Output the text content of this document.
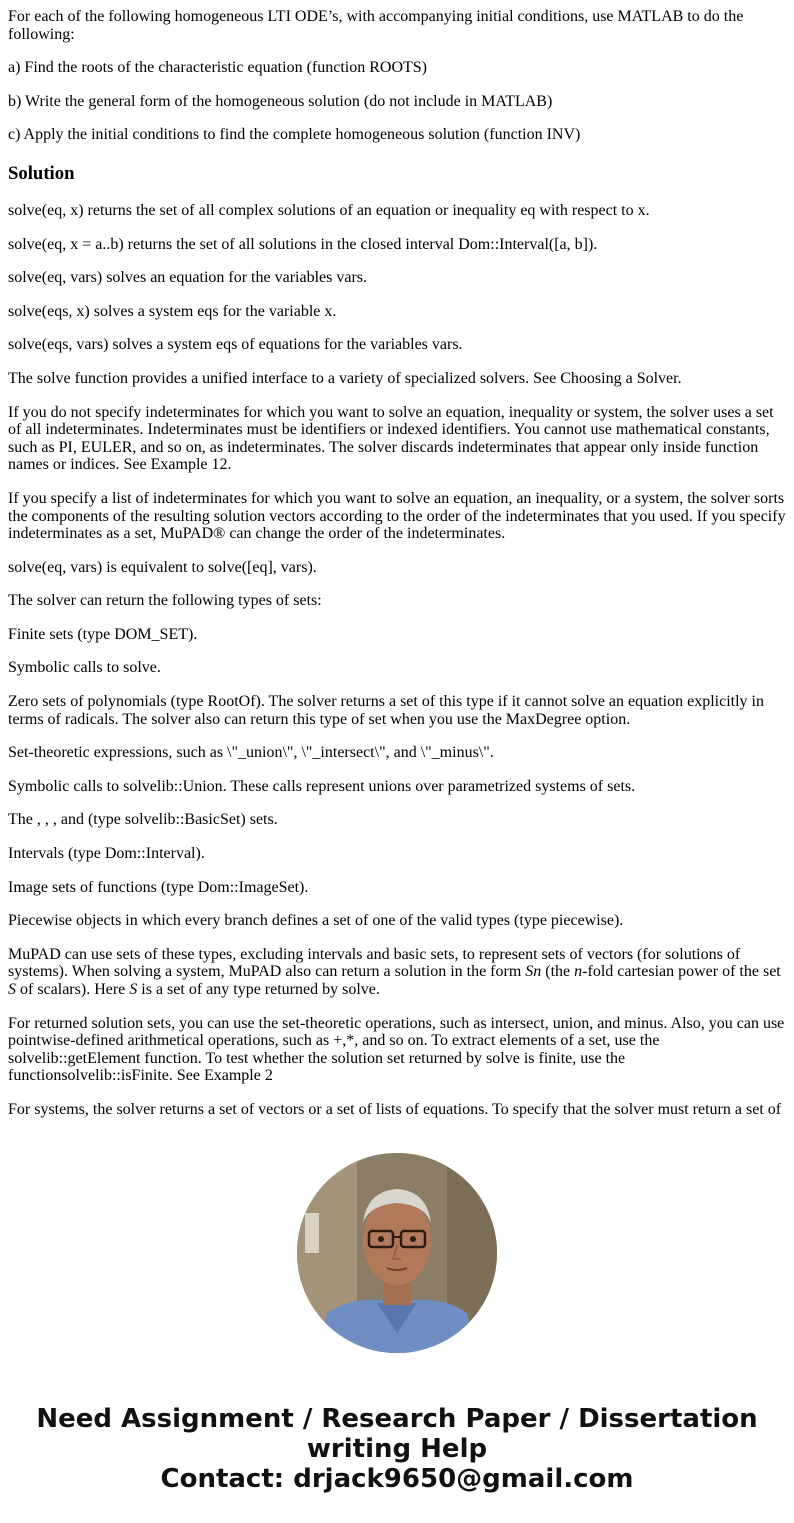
For each of the following homogeneous LTI ODE’s, with accompanying initial conditions, use MATLAB to do the following:

a) Find the roots of the characteristic equation (function ROOTS)

b) Write the general form of the homogeneous solution (do not include in MATLAB)

c) Apply the initial conditions to find the complete homogeneous solution (function INV)

Solution

solve(eq, x) returns the set of all complex solutions of an equation or inequality eq with respect to x.

solve(eq, x = a..b) returns the set of all solutions in the closed interval Dom::Interval([a, b]).

solve(eq, vars) solves an equation for the variables vars.

solve(eqs, x) solves a system eqs for the variable x.

solve(eqs, vars) solves a system eqs of equations for the variables vars.

The solve function provides a unified interface to a variety of specialized solvers. See Choosing a Solver.

If you do not specify indeterminates for which you want to solve an equation, inequality or system, the solver uses a set of all indeterminates. Indeterminates must be identifiers or indexed identifiers. You cannot use mathematical constants, such as PI, EULER, and so on, as indeterminates. The solver discards indeterminates that appear only inside function names or indices. See Example 12.

If you specify a list of indeterminates for which you want to solve an equation, an inequality, or a system, the solver sorts the components of the resulting solution vectors according to the order of the indeterminates that you used. If you specify indeterminates as a set, MuPAD® can change the order of the indeterminates.

solve(eq, vars) is equivalent to solve([eq], vars).

The solver can return the following types of sets:

Finite sets (type DOM_SET).

Symbolic calls to solve.

Zero sets of polynomials (type RootOf). The solver returns a set of this type if it cannot solve an equation explicitly in terms of radicals. The solver also can return this type of set when you use the MaxDegree option.

Set-theoretic expressions, such as \"_union\", \"_intersect\", and \"_minus\".

Symbolic calls to solvelib::Union. These calls represent unions over parametrized systems of sets.

The , , , and (type solvelib::BasicSet) sets.

Intervals (type Dom::Interval).

Image sets of functions (type Dom::ImageSet).

Piecewise objects in which every branch defines a set of one of the valid types (type piecewise).

MuPAD can use sets of these types, excluding intervals and basic sets, to represent sets of vectors (for solutions of systems). When solving a system, MuPAD also can return a solution in the form Sn (the n-fold cartesian power of the set S of scalars). Here S is a set of any type returned by solve.

For returned solution sets, you can use the set-theoretic operations, such as intersect, union, and minus. Also, you can use pointwise-defined arithmetical operations, such as +,*, and so on. To extract elements of a set, use the solvelib::getElement function. To test whether the solution set returned by solve is finite, use the functionsolvelib::isFinite. See Example 2

For systems, the solver returns a set of vectors or a set of lists of equations. To specify that the solver must return a set of

Need Assignment / Research Paper / Dissertation
writing Help
Contact: drjack9650@gmail.com
